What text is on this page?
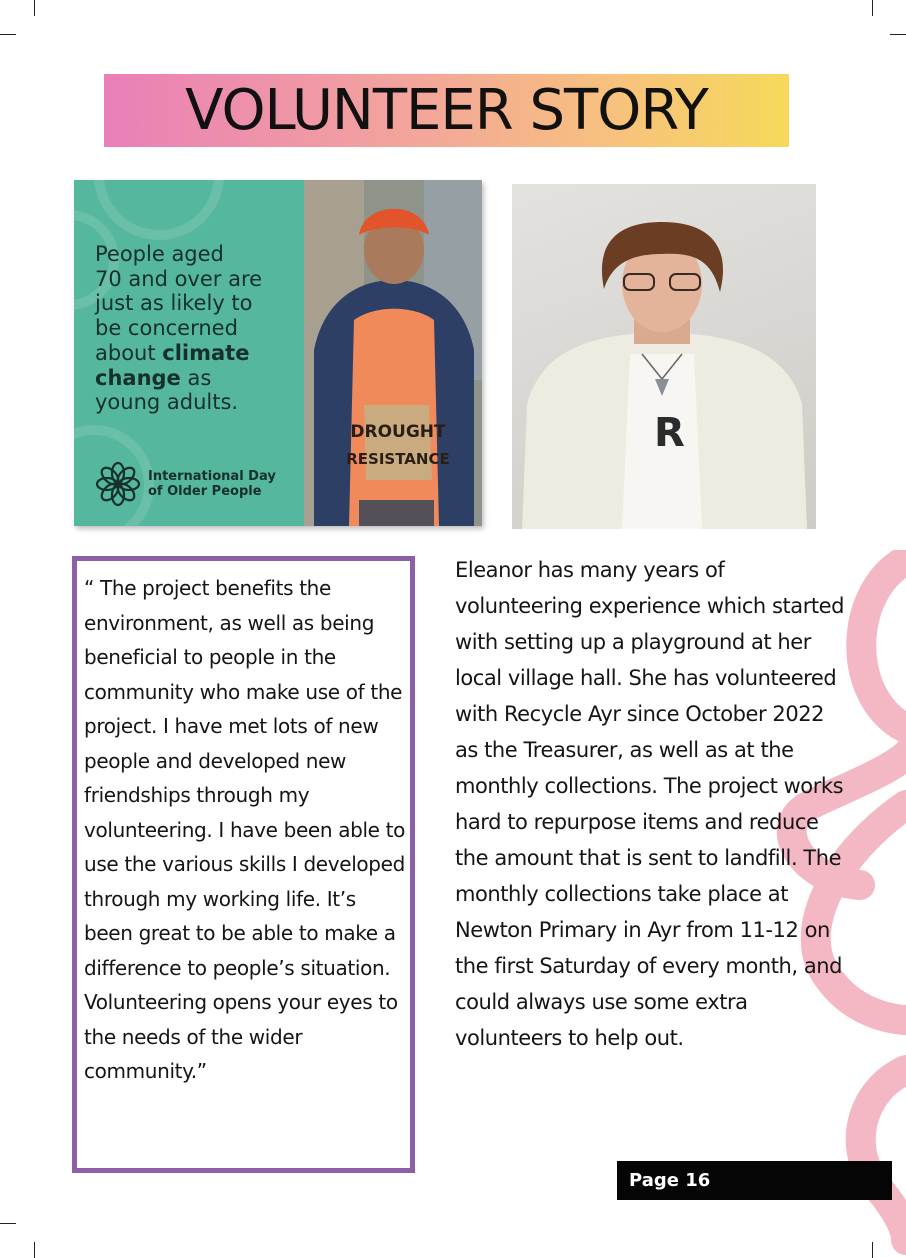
VOLUNTEER STORY
People aged
70 and over are
just as likely to
be concerned
about climate
change as
young adults.
International Day
of Older People
DROUGHT
RESISTANCE
R

“ The project benefits the environment, as well as being beneficial to people in the community who make use of the project. I have met lots of new people and developed new friendships through my volunteering. I have been able to use the various skills I developed through my working life. It’s been great to be able to make a difference to people’s situation. Volunteering opens your eyes to the needs of the wider community.”

Eleanor has many years of volunteering experience which started with setting up a playground at her local village hall. She has volunteered with Recycle Ayr since October 2022 as the Treasurer, as well as at the monthly collections. The project works hard to repurpose items and reduce the amount that is sent to landfill. The monthly collections take place at Newton Primary in Ayr from 11-12 on the first Saturday of every month, and could always use some extra volunteers to help out.

Page 16
